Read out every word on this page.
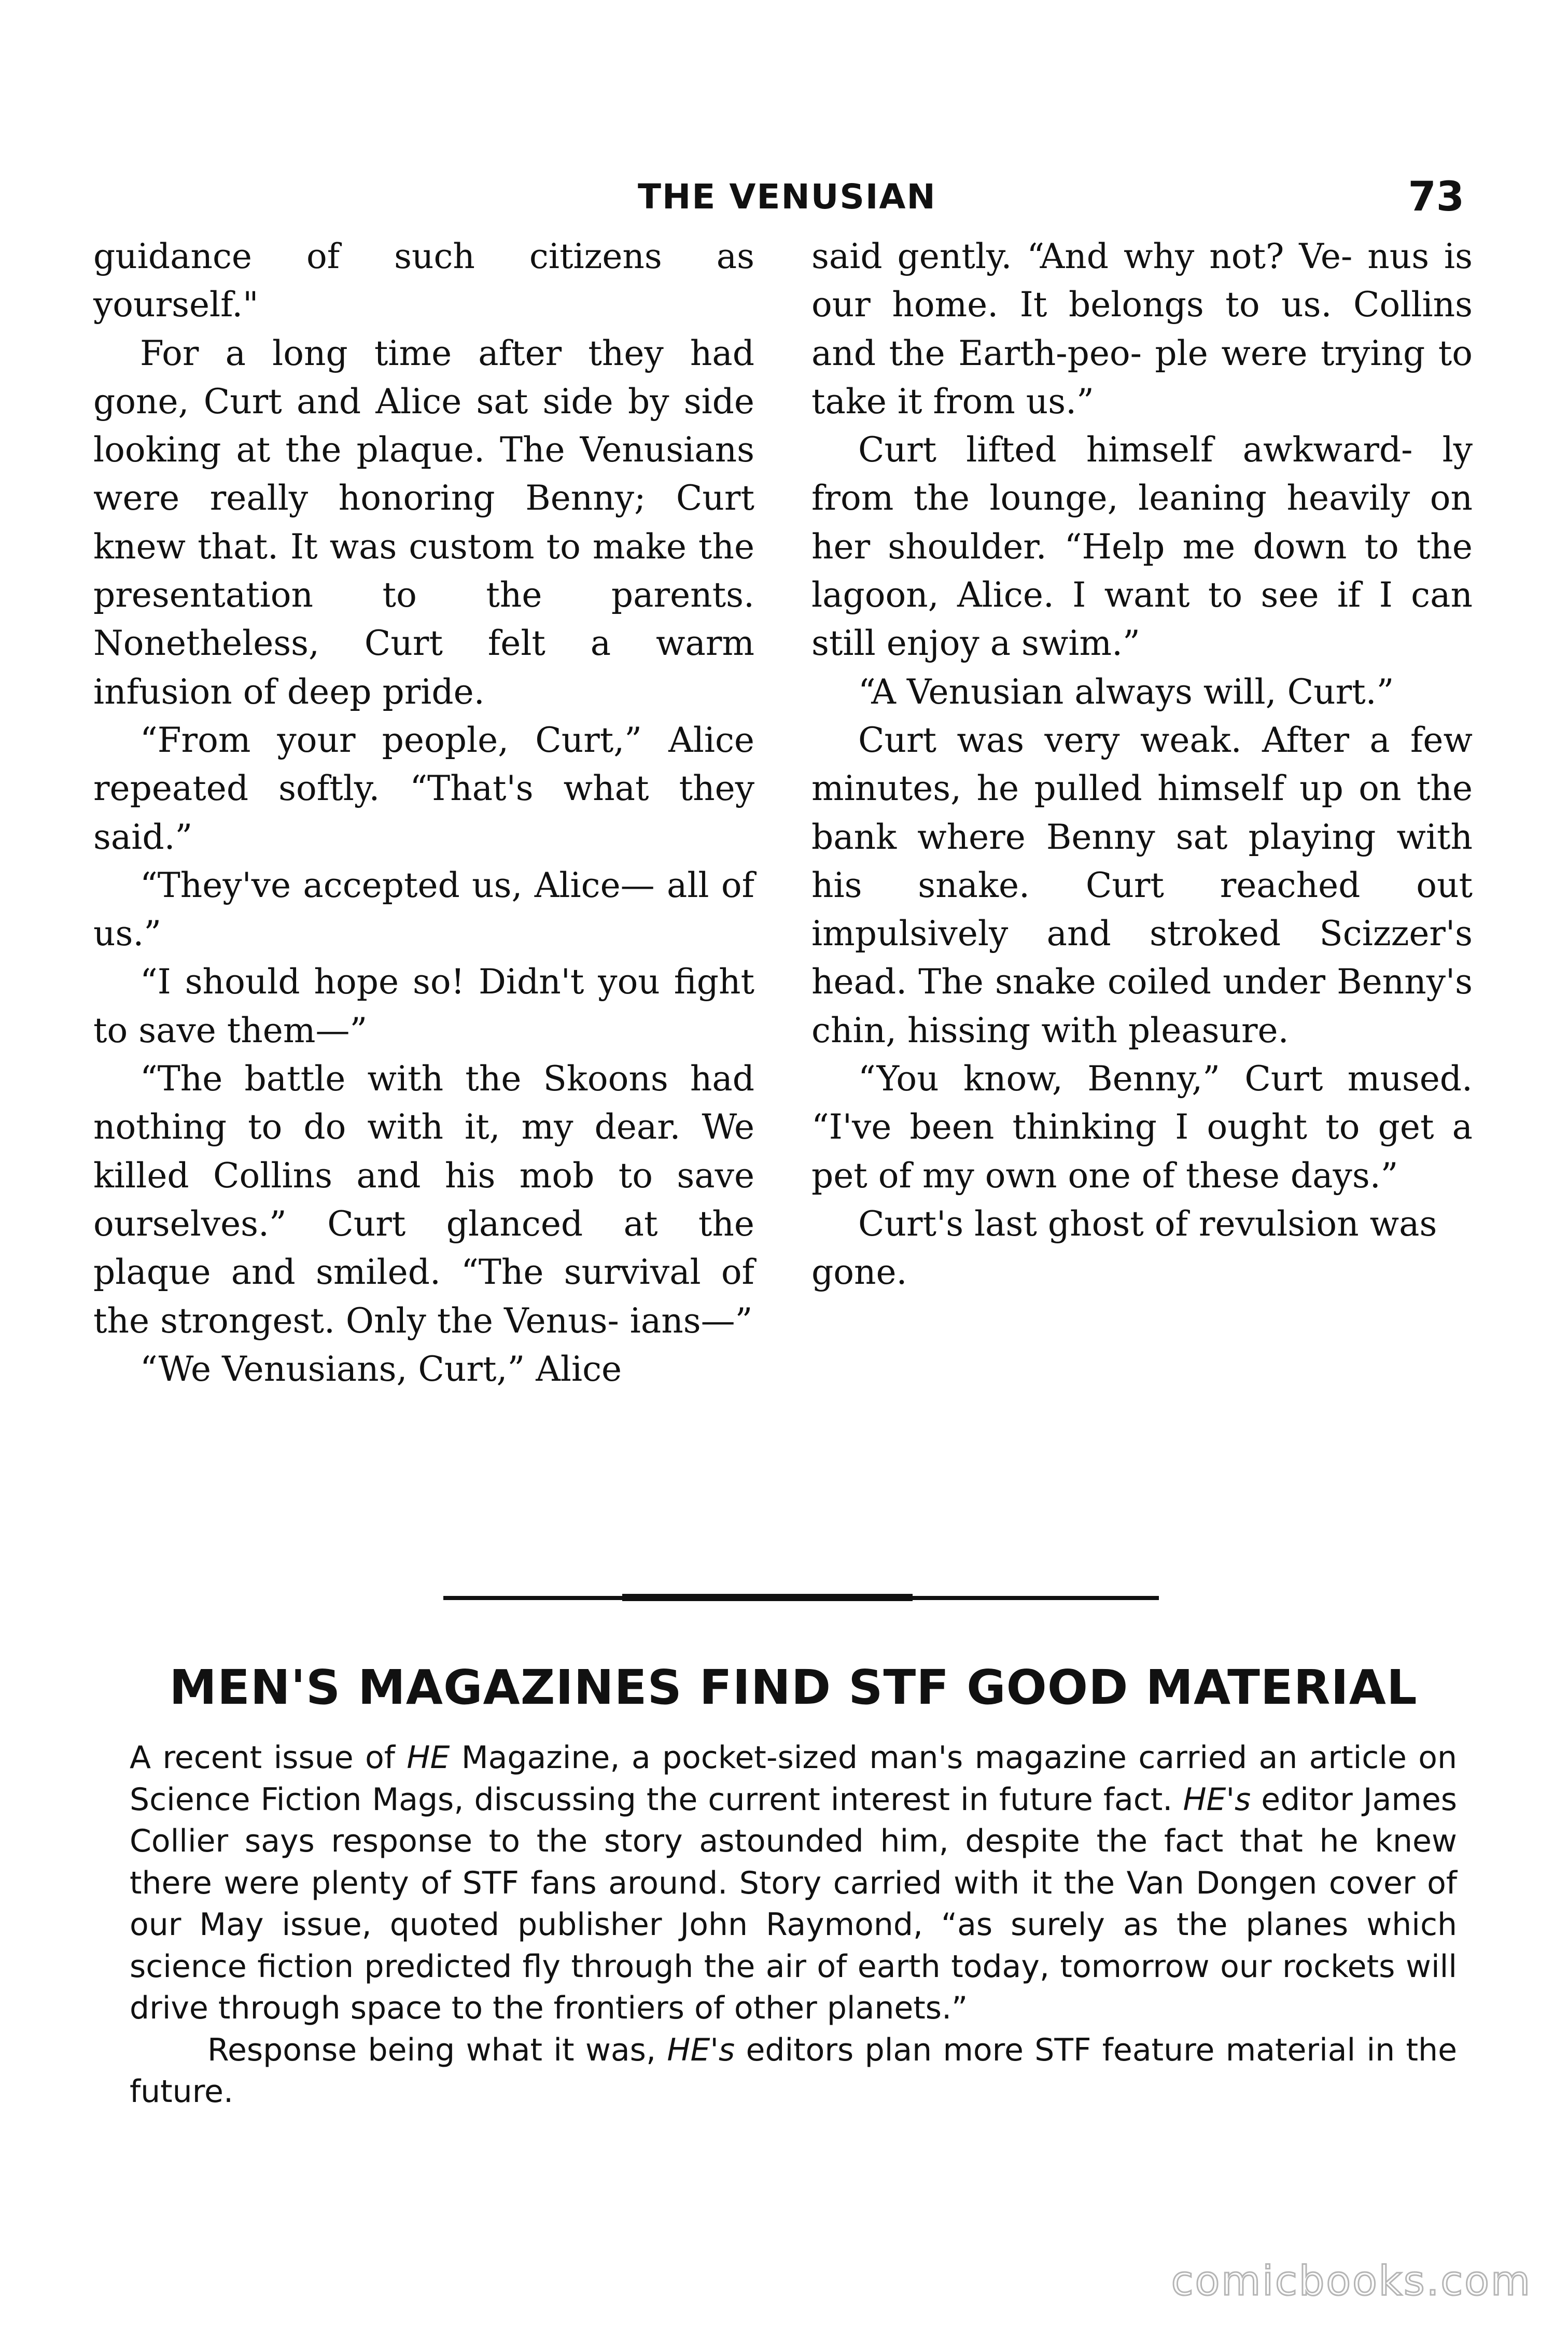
THE VENUSIAN	73

guidance of such citizens as yourself."

For a long time after they had gone, Curt and Alice sat side by side looking at the plaque. The Venusians were really honoring Benny; Curt knew that. It was custom to make the presentation to the parents. Nonetheless, Curt felt a warm infusion of deep pride.

“From your people, Curt,” Alice repeated softly. “That's what they said.”

“They've accepted us, Alice— all of us.”

“I should hope so! Didn't you fight to save them—”

“The battle with the Skoons had nothing to do with it, my dear. We killed Collins and his mob to save ourselves.” Curt glanced at the plaque and smiled. “The survival of the strongest. Only the Venus- ians—”

“We Venusians, Curt,” Alice

said gently. “And why not? Ve- nus is our home. It belongs to us. Collins and the Earth-peo- ple were trying to take it from us.”

Curt lifted himself awkward- ly from the lounge, leaning heavily on her shoulder. “Help me down to the lagoon, Alice. I want to see if I can still enjoy a swim.”

“A Venusian always will, Curt.”

Curt was very weak. After a few minutes, he pulled himself up on the bank where Benny sat playing with his snake. Curt reached out impulsively and stroked Scizzer's head. The snake coiled under Benny's chin, hissing with pleasure.

“You know, Benny,” Curt mused. “I've been thinking I ought to get a pet of my own one of these days.”

Curt's last ghost of revulsion was gone.

MEN'S MAGAZINES FIND STF GOOD MATERIAL

A recent issue of HE Magazine, a pocket-sized man's magazine carried an article on Science Fiction Mags, discussing the current interest in future fact. HE's editor James Collier says response to the story astounded him, despite the fact that he knew there were plenty of STF fans around. Story carried with it the Van Dongen cover of our May issue, quoted publisher John Raymond, “as surely as the planes which science fiction predicted fly through the air of earth today, tomorrow our rockets will drive through space to the frontiers of other planets.”

Response being what it was, HE's editors plan more STF feature material in the future.

comicbooks.com
